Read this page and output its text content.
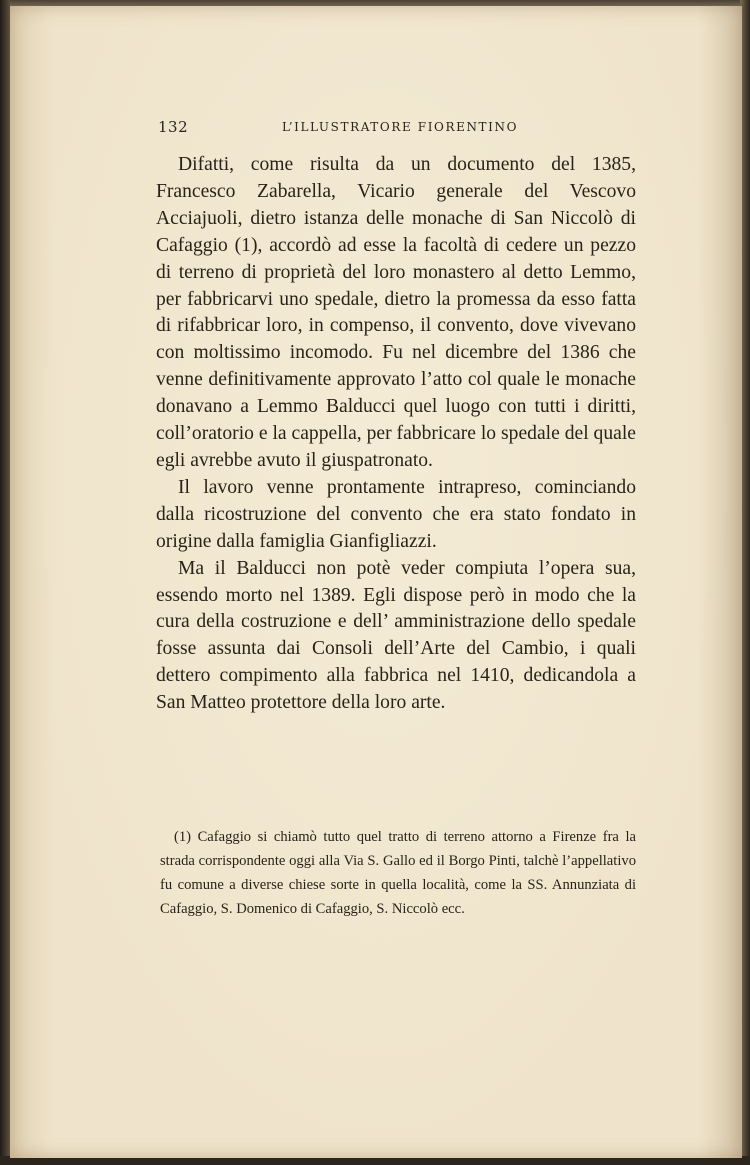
132	L’ILLUSTRATORE FIORENTINO

Difatti, come risulta da un documento del 1385, Francesco Zabarella, Vicario generale del Vescovo Acciajuoli, dietro istanza delle monache di San Niccolò di Cafaggio (1), accordò ad esse la facoltà di cedere un pezzo di terreno di proprietà del loro monastero al detto Lemmo, per fabbricarvi uno spedale, dietro la promessa da esso fatta di rifabbricar loro, in compenso, il convento, dove vivevano con moltissimo incomodo. Fu nel dicembre del 1386 che venne definitivamente approvato l’atto col quale le monache donavano a Lemmo Balducci quel luogo con tutti i diritti, coll’oratorio e la cappella, per fabbricare lo spedale del quale egli avrebbe avuto il giuspatronato.

Il lavoro venne prontamente intrapreso, cominciando dalla ricostruzione del convento che era stato fondato in origine dalla famiglia Gianfigliazzi.

Ma il Balducci non potè veder compiuta l’opera sua, essendo morto nel 1389. Egli dispose però in modo che la cura della costruzione e dell’ amministrazione dello spedale fosse assunta dai Consoli dell’Arte del Cambio, i quali dettero compimento alla fabbrica nel 1410, dedicandola a San Matteo protettore della loro arte.

(1) Cafaggio si chiamò tutto quel tratto di terreno attorno a Firenze fra la strada corrispondente oggi alla Via S. Gallo ed il Borgo Pinti, talchè l’appellativo fu comune a diverse chiese sorte in quella località, come la SS. Annunziata di Cafaggio, S. Domenico di Cafaggio, S. Niccolò ecc.
